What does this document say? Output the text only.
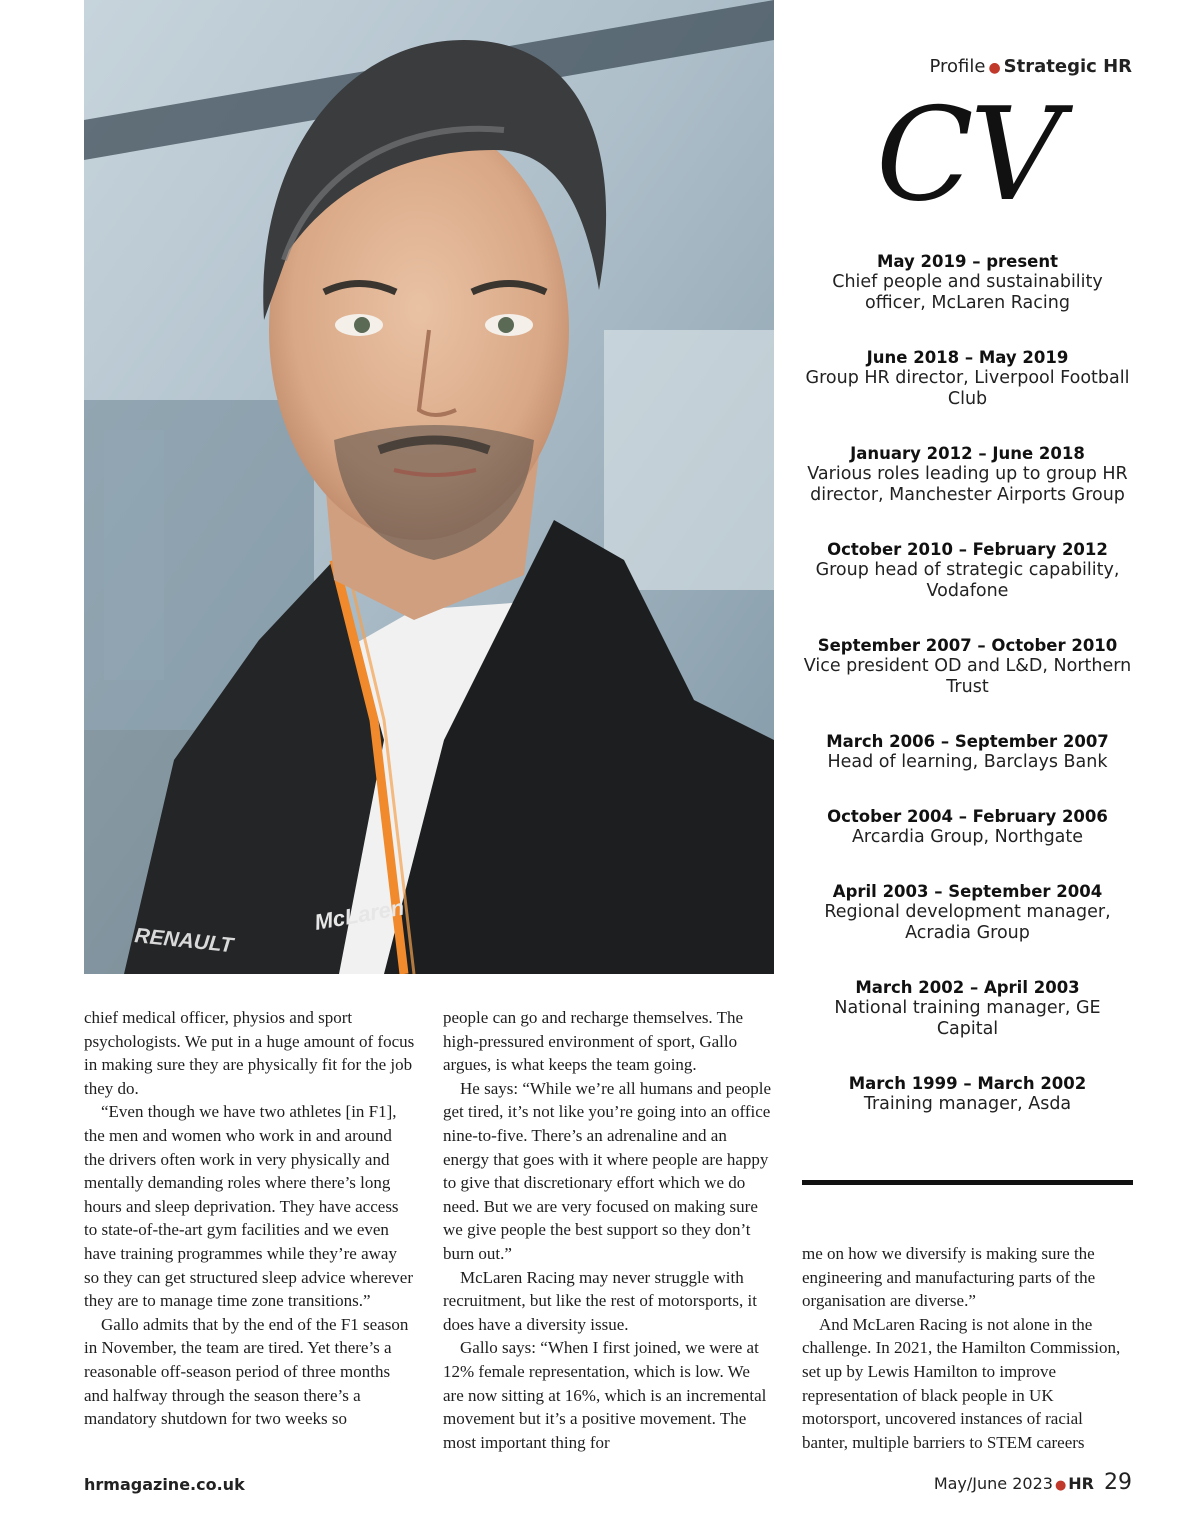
RENAULT
McLaren
Profile ● Strategic HR
CV
May 2019 – present
Chief people and sustainability officer, McLaren Racing
June 2018 – May 2019
Group HR director, Liverpool Football Club
January 2012 – June 2018
Various roles leading up to group HR director, Manchester Airports Group
October 2010 – February 2012
Group head of strategic capability, Vodafone
September 2007 – October 2010
Vice president OD and L&D, Northern Trust
March 2006 – September 2007
Head of learning, Barclays Bank
October 2004 – February 2006
Arcardia Group, Northgate
April 2003 – September 2004
Regional development manager, Acradia Group
March 2002 – April 2003
National training manager, GE Capital
March 1999 – March 2002
Training manager, Asda

chief medical officer, physios and sport psychologists. We put in a huge amount of focus in making sure they are physically fit for the job they do.

“Even though we have two athletes [in F1], the men and women who work in and around the drivers often work in very physically and mentally demanding roles where there’s long hours and sleep deprivation. They have access to state-of-the-art gym facilities and we even have training programmes while they’re away so they can get structured sleep advice wherever they are to manage time zone transitions.”

Gallo admits that by the end of the F1 season in November, the team are tired. Yet there’s a reasonable off-season period of three months and halfway through the season there’s a mandatory shutdown for two weeks so

people can go and recharge themselves. The high-pressured environment of sport, Gallo argues, is what keeps the team going.

He says: “While we’re all humans and people get tired, it’s not like you’re going into an office nine-to-five. There’s an adrenaline and an energy that goes with it where people are happy to give that discretionary effort which we do need. But we are very focused on making sure we give people the best support so they don’t burn out.”

McLaren Racing may never struggle with recruitment, but like the rest of motorsports, it does have a diversity issue.

Gallo says: “When I first joined, we were at 12% female representation, which is low. We are now sitting at 16%, which is an incremental movement but it’s a positive movement. The most important thing for

me on how we diversify is making sure the engineering and manufacturing parts of the organisation are diverse.”

And McLaren Racing is not alone in the challenge. In 2021, the Hamilton Commission, set up by Lewis Hamilton to improve representation of black people in UK motorsport, uncovered instances of racial banter, multiple barriers to STEM careers

hrmagazine.co.uk	May/June 2023 ● HR 29
